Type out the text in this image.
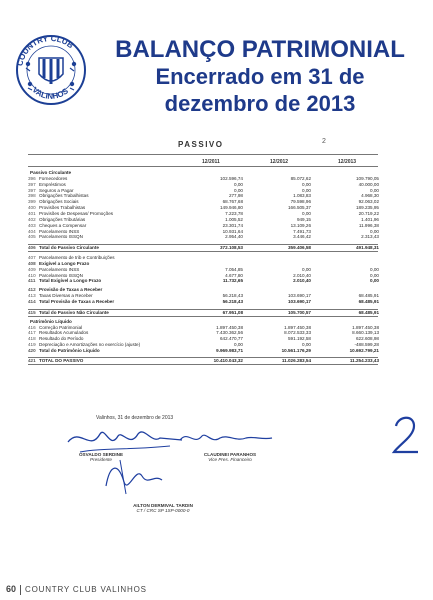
COUNTRY CLUB
VALINHOS
BALANÇO PATRIMONIAL
Encerrado em 31 de
dezembro de 2013
PASSIVO	2
12/2011	12/2012	12/2013
Passivo Circulante
396 Fornecedores	102.596,74	85.072,62	109.790,05
397 Empréstimos	0,00	0,00	40.000,00
397 Seguros a Pagar	0,00	0,00	0,00
398 Obrigações Trabalhistas	277,98	1.083,83	4.968,30
399 Obrigações Sociais	68.767,68	79.598,96	92.063,02
400 Provisões Trabalhistas	149.946,80	166.505,37	189.235,95
401 Provisões de Despesas/ Promoções	7.223,78	0,00	20.719,22
402 Obrigações Tributárias	1.005,52	949,15	1.401,96
403 Cheques a Compensar	23.301,74	13.109,26	11.996,38
404 Parcelamento INSS	10.931,64	7.491,73	0,00
405 Parcelamento ISSQN	2.954,40	3.446,42	2.313,43
406 Total do Passivo Circulante	372.108,53	359.406,58	491.948,31
407 Parcelamento de trib e Contribuições
408 Exigível a Longo Prazo
409 Parcelamento INSS	7.054,85	0,00	0,00
410 Parcelamento ISSQN	4.677,80	2.010,40	0,00
411 Total Exigível a Longo Prazo	11.732,65	2.010,40	0,00
412 Provisão de Taxas a Receber
413 Taxas Diversas a Receber	56.218,43	103.690,17	68.485,91
414 Total Provisão de Taxas a Receber	56.218,43	103.690,17	68.485,91
415 Total do Passivo Não Circulante	67.951,08	105.700,57	68.485,91
Patrimônio Líquido
416 Correção Patrimonial	1.897.450,38	1.897.450,38	1.897.450,38
417 Resultados Acumulados	7.430.362,56	8.072.533,33	8.660.139,13
418 Resultado do Período	642.470,77	591.192,58	622.608,98
419 Depreciação e Amortizações no exercício (ajuste)	0,00	0,00	-488.599,28
420 Total do Patrimônio Líquido	9.969.983,71	10.561.176,29	10.692.799,21
421 TOTAL DO PASSIVO	10.410.043,32	11.026.283,54	11.254.233,43
Valinhos, 31 de dezembro de 2013
OSVALDO SERDINE
Presidente
CLAUDINEI PARANHOS
Vice Pres. Financeiro
AILTON DERMIVAL TARDIN
CT / CRC SP 1SP-0000-0
60 COUNTRY CLUB VALINHOS
